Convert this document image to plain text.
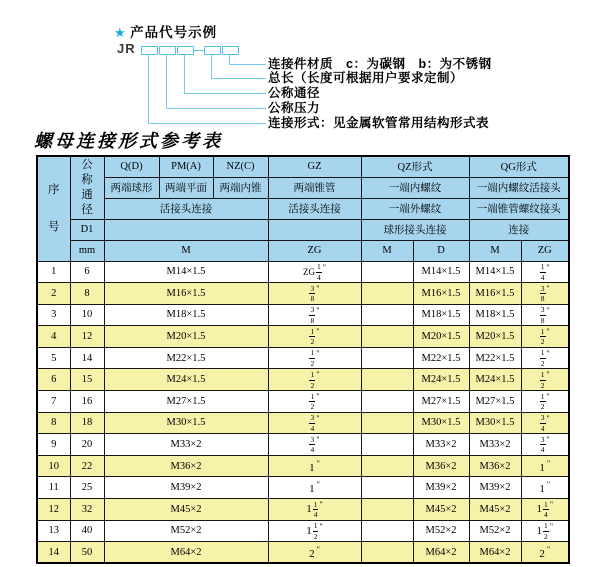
★ 产品代号示例
JR
连接件材质　c：为碳钢　b：为不锈钢
总长（长度可根据用户要求定制）
公称通径
公称压力
连接形式：见金属软管常用结构形式表
螺母连接形式参考表
序号	公称通径	Q(D)	PM(A)	NZ(C)	GZ	QZ形式		QG形式	
		两端球形	两端平面	两端内锥	两端锥管	一端内螺纹		一端内螺纹活接头	
		活接头连接			活接头连接	一端外螺纹		一端锥管螺纹接头	
	D1					球形接头连接		连接	
	mm	M			ZG	M	D	M	ZG
1	6	M14×1.5			ZG $\frac{1}{4} ^"$		M14×1.5	M14×1.5	$\frac{1}{4} ^"$
2	8	M16×1.5			$\frac{3}{8} ^"$		M16×1.5	M16×1.5	$\frac{3}{8} ^"$
3	10	M18×1.5			$\frac{3}{8} ^"$		M18×1.5	M18×1.5	$\frac{3}{8} ^"$
4	12	M20×1.5			$\frac{1}{2} ^"$		M20×1.5	M20×1.5	$\frac{1}{2} ^"$
5	14	M22×1.5			$\frac{1}{2} ^"$		M22×1.5	M22×1.5	$\frac{1}{2} ^"$
6	15	M24×1.5			$\frac{1}{2} ^"$		M24×1.5	M24×1.5	$\frac{1}{2} ^"$
7	16	M27×1.5			$\frac{1}{2} ^"$		M27×1.5	M27×1.5	$\frac{1}{2} ^"$
8	18	M30×1.5			$\frac{3}{4} ^"$		M30×1.5	M30×1.5	$\frac{3}{4} ^"$
9	20	M33×2			$\frac{3}{4} ^"$		M33×2	M33×2	$\frac{3}{4} ^"$
10	22	M36×2			1 "		M36×2	M36×2	1 "
11	25	M39×2			1 "		M39×2	M39×2	1 "
12	32	M45×2			$1 \frac{1}{4} ^"$		M45×2	M45×2	$1 \frac{1}{4} ^"$
13	40	M52×2			$1 \frac{1}{2} ^"$		M52×2	M52×2	$1 \frac{1}{2} ^"$
14	50	M64×2			2 "		M64×2	M64×2	2 "
